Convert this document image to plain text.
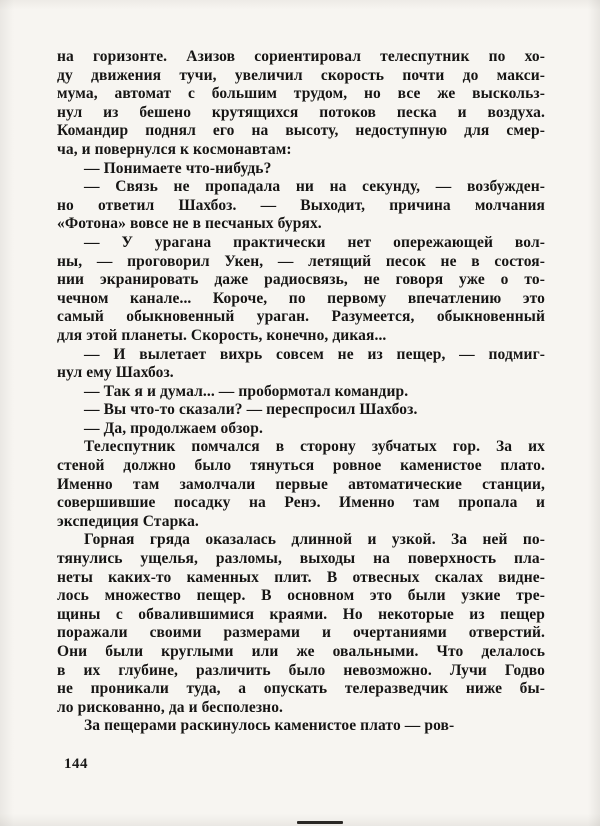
на горизонте. Азизов сориентировал телеспутник по хо-
ду движения тучи, увеличил скорость почти до макси-
мума, автомат с большим трудом, но все же выскольз-
нул из бешено крутящихся потоков песка и воздуха.
Командир поднял его на высоту, недоступную для смер-
ча, и повернулся к космонавтам:
— Понимаете что-нибудь?
— Связь не пропадала ни на секунду, — возбужден-
но ответил Шахбоз. — Выходит, причина молчания
«Фотона» вовсе не в песчаных бурях.
— У урагана практически нет опережающей вол-
ны, — проговорил Укен, — летящий песок не в состоя-
нии экранировать даже радиосвязь, не говоря уже о то-
чечном канале... Короче, по первому впечатлению это
самый обыкновенный ураган. Разумеется, обыкновенный
для этой планеты. Скорость, конечно, дикая...
— И вылетает вихрь совсем не из пещер, — подмиг-
нул ему Шахбоз.
— Так я и думал... — пробормотал командир.
— Вы что-то сказали? — переспросил Шахбоз.
— Да, продолжаем обзор.
Телеспутник помчался в сторону зубчатых гор. За их
стеной должно было тянуться ровное каменистое плато.
Именно там замолчали первые автоматические станции,
совершившие посадку на Ренэ. Именно там пропала и
экспедиция Старка.
Горная гряда оказалась длинной и узкой. За ней по-
тянулись ущелья, разломы, выходы на поверхность пла-
неты каких-то каменных плит. В отвесных скалах видне-
лось множество пещер. В основном это были узкие тре-
щины с обвалившимися краями. Но некоторые из пещер
поражали своими размерами и очертаниями отверстий.
Они были круглыми или же овальными. Что делалось
в их глубине, различить было невозможно. Лучи Годво
не проникали туда, а опускать телеразведчик ниже бы-
ло рискованно, да и бесполезно.
За пещерами раскинулось каменистое плато — ров-
144
